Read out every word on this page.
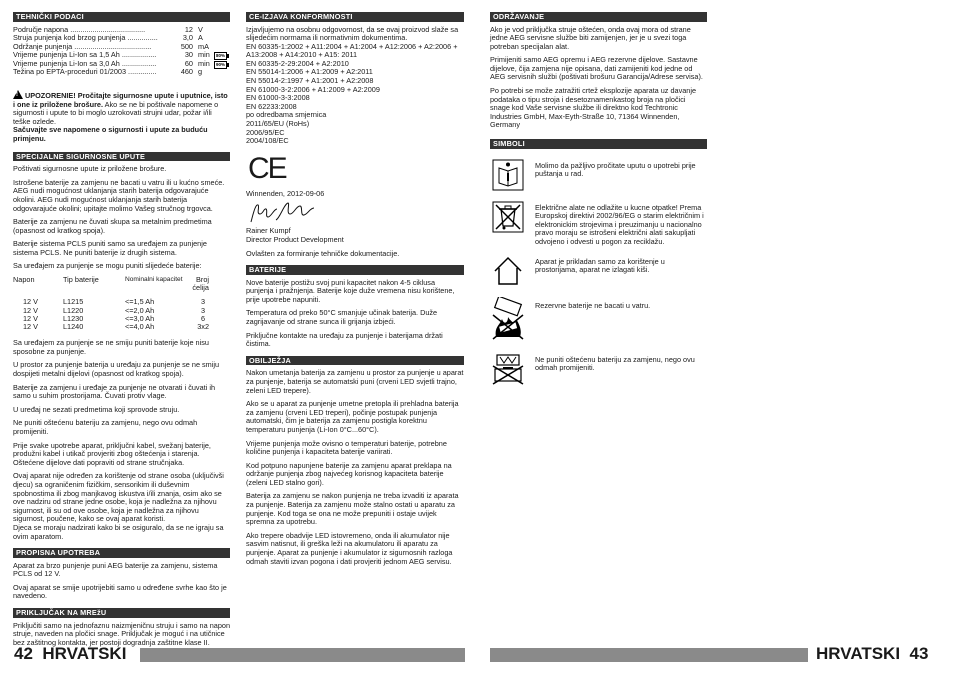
TEHNIČKI PODACI
Područje napona .....................................	12 V
Struja punjenja kod brzog punjenja ...............	3,0 A
Održanje punjenja ......................................	500 mA
Vrijeme punjenja Li-Ion sa 1,5 Ah .................	30 min	80%
Vrijeme punjenja Li-Ion sa 3,0 Ah .................	60 min	90%
Težina po EPTA-proceduri 01/2003 ..............	460 g
!UPOZORENIE! Pročitajte sigurnosne upute i uputnice, isto i one iz priložene brošure. Ako se ne bi poštivale napomene o sigurnosti i upute to bi moglo uzrokovati strujni udar, požar i/ili teške ozlede.
Sačuvajte sve napomene o sigurnosti i upute za buduću primjenu.
SPECIJALNE SIGURNOSNE UPUTE
Poštivati sigurnosne upute iz priložene brošure.
Istrošene baterije za zamjenu ne bacati u vatru ili u kućno smeće. AEG nudi mogućnost uklanjanja starih baterija odgovarajuće okolini. AEG nudi mogućnost uklanjanja starih baterija odgovarajuće okolini; upitajte molimo Vašeg stručnog trgovca.
Baterije za zamjenu ne čuvati skupa sa metalnim predmetima (opasnost od kratkog spoja).
Baterije sistema PCLS puniti samo sa uređajem za punjenje sistema PCLS. Ne puniti baterije iz drugih sistema.
Sa uređajem za punjenje se mogu puniti slijedeće baterije:
Napon	Tip baterije	Nominalni kapacitet	Broj ćelija

12 V	L1215	<=1,5 Ah	3
12 V	L1220	<=2,0 Ah	3
12 V	L1230	<=3,0 Ah	6
12 V	L1240	<=4,0 Ah	3x2
Sa uređajem za punjenje se ne smiju puniti baterije koje nisu sposobne za punjenje.
U prostor za punjenje baterija u uređaju za punjenje se ne smiju dospijeti metalni dijelovi (opasnost od kratkog spoja).
Baterije za zamjenu i uređaje za punjenje ne otvarati i čuvati ih samo u suhim prostorijama. Čuvati protiv vlage.
U uređaj ne sezati predmetima koji sprovode struju.
Ne puniti oštećenu bateriju za zamjenu, nego ovu odmah promijeniti.
Prije svake upotrebe aparat, priključni kabel, svežanj baterije, produžni kabel i utikač provjeriti zbog oštećenja i starenja. Oštećene dijelove dati popraviti od strane stručnjaka.
Ovaj aparat nije određen za korištenje od strane osoba (uključivši djecu) sa ograničenim fizičkim, sensorikim ili duševnim spobnostima ili zbog manjkavog iskustva i/ili znanja, osim ako se ove nadziru od strane jedne osobe, koja je nadležna za njihovu sigurnost, ili su od ove osobe, koja je nadležna za njihovu sigurnost, poučene, kako se ovaj aparat koristi.
Djeca se moraju nadzirati kako bi se osiguralo, da se ne igraju sa ovim aparatom.
PROPISNA UPOTREBA
Aparat za brzo punjenje puni AEG baterije za zamjenu, sistema PCLS od 12 V.
Ovaj aparat se smije upotrijebiti samo u određene svrhe kao što je navedeno.
PRIKLJUČAK NA MREžU
Priključiti samo na jednofaznu naizmjeničnu struju i samo na napon struje, naveden na pločici snage. Priključak je moguć i na utičnice bez zaštitnog kontakta, jer postoji dogradnja zaštitne klase II.
CE-IZJAVA KONFORMNOSTI
Izjavljujemo na osobnu odgovornost, da se ovaj proizvod slaže sa slijedećim normama ili normativnim dokumentima.
EN 60335-1:2002 + A11:2004 + A1:2004 + A12:2006 + A2:2006 + A13:2008 + A14:2010 + A15: 2011
EN 60335-2-29:2004 + A2:2010
EN 55014-1:2006 + A1:2009 + A2:2011
EN 55014-2:1997 + A1:2001 + A2:2008
EN 61000-3-2:2006 + A1:2009 + A2:2009
EN 61000-3-3:2008
EN 62233:2008
po odredbama smjernica
2011/65/EU (RoHs)
2006/95/EC
2004/108/EC
CE
Winnenden, 2012-09-06
Rainer Kumpf
Director Product Development
Ovlašten za formiranje tehničke dokumentacije.
BATERIJE
Nove baterije postižu svoj puni kapacitet nakon 4-5 ciklusa punjenja i pražnjenja. Baterije koje duže vremena nisu korištene, prije upotrebe napuniti.
Temperatura od preko 50°C smanjuje učinak baterija. Duže zagrijavanje od strane sunca ili grijanja izbjeći.
Priključne kontakte na uređaju za punjenje i baterijama držati čistima.
OBILJEŽJA
Nakon umetanja baterija za zamjenu u prostor za punjenje u aparat za punjenje, baterija se automatski puni (crveni LED svjetli trajno, zeleni LED trepere).
Ako se u aparat za punjenje umetne pretopla ili prehladna baterija za zamjenu (crveni LED treperi), počinje postupak punjenja automatski, čim je baterija za zamjenu postigla korektnu temperaturu punjenja (Li-Ion 0°C...60°C).
Vrijeme punjenja može ovisno o temperaturi baterije, potrebne količine punjenja i kapaciteta baterije variirati.
Kod potpuno napunjene baterije za zamjenu aparat preklapa na održanje punjenja zbog najvećeg korisnog kapaciteta baterije (zeleni LED stalno gori).
Baterija za zamjenu se nakon punjenja ne treba izvaditi iz aparata za punjenje. Baterija za zamjenu može stalno ostati u aparatu za punjenje. Kod toga se ona ne može prepuniti i ostaje uvijek spremna za upotrebu.
Ako trepere obadvije LED istovremeno, onda ili akumulator nije sasvim natisnut, ili greška leži na akumulatoru ili aparatu za punjenje. Aparat za punjenje i akumulator iz sigurnosnih razloga odmah staviti izvan pogona i dati provjeriti jednom AEG servisu.
ODRŽAVANJE
Ako je vod priključka struje oštećen, onda ovaj mora od strane jedne AEG servisne službe biti zamijenjen, jer je u svezi toga potreban specijalan alat.
Primijeniti samo AEG opremu i AEG rezervne dijelove. Sastavne dijelove, čija zamjena nije opisana, dati zamijeniti kod jedne od AEG servisnih službi (poštivati brošuru Garancija/Adrese servisa).
Po potrebi se može zatražiti crtež eksplozije aparata uz davanje podataka o tipu stroja i desetoznamenkastog broja na pločici snage kod Vaše servisne službe ili direktno kod Techtronic Industries GmbH, Max-Eyth-Straße 10, 71364 Winnenden, Germany
SIMBOLI
Molimo da pažljivo pročitate uputu o upotrebi prije puštanja u rad.
Električne alate ne odlažite u kucne otpatke! Prema Europskoj direktivi 2002/96/EG o starim električnim i elektronickim strojevima i preuzimanju u nacionalno pravo moraju se istrošeni električni alati sakupljati odvojeno i odvesti u pogon za reciklažu.
Aparat je prikladan samo za korištenje u prostorijama, aparat ne izlagati kiši.
Rezervne baterije ne bacati u vatru.
Ne puniti oštećenu bateriju za zamjenu, nego ovu odmah promijeniti.
42 HRVATSKI	HRVATSKI 43
